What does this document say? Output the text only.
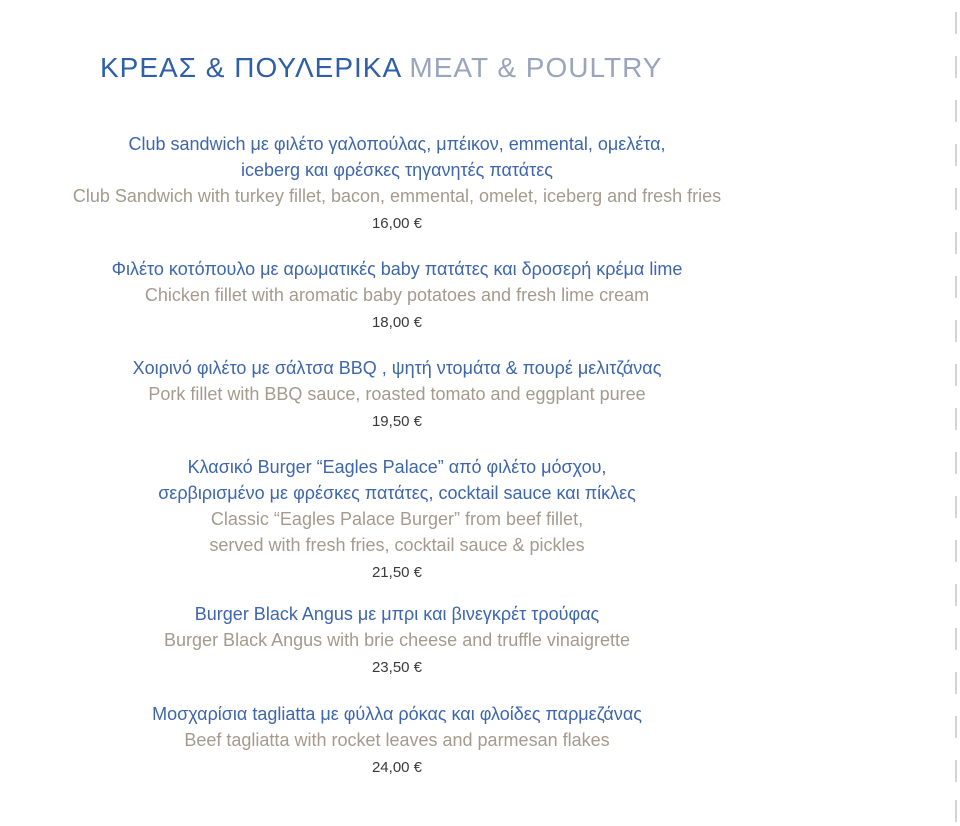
ΚΡΕΑΣ & ΠΟΥΛΕΡΙΚΑ MEAT & POULTRY
Club sandwich με φιλέτο γαλοπούλας, μπέικον, emmental, ομελέτα,
iceberg και φρέσκες τηγανητές πατάτες
Club Sandwich with turkey fillet, bacon, emmental, omelet, iceberg and fresh fries
16,00 €
Φιλέτο κοτόπουλο με αρωματικές baby πατάτες και δροσερή κρέμα lime
Chicken fillet with aromatic baby potatoes and fresh lime cream
18,00 €
Χοιρινό φιλέτο με σάλτσα BBQ , ψητή ντομάτα & πουρέ μελιτζάνας
Pork fillet with BBQ sauce, roasted tomato and eggplant puree
19,50 €
Κλασικό Burger “Eagles Palace” από φιλέτο μόσχου,
σερβιρισμένο με φρέσκες πατάτες, cocktail sauce και πίκλες
Classic “Eagles Palace Burger” from beef fillet,
served with fresh fries, cocktail sauce & pickles
21,50 €
Burger Black Angus με μπρι και βινεγκρέτ τρούφας
Burger Black Angus with brie cheese and truffle vinaigrette
23,50 €
Μοσχαρίσια tagliatta με φύλλα ρόκας και φλοίδες παρμεζάνας
Beef tagliatta with rocket leaves and parmesan flakes
24,00 €
